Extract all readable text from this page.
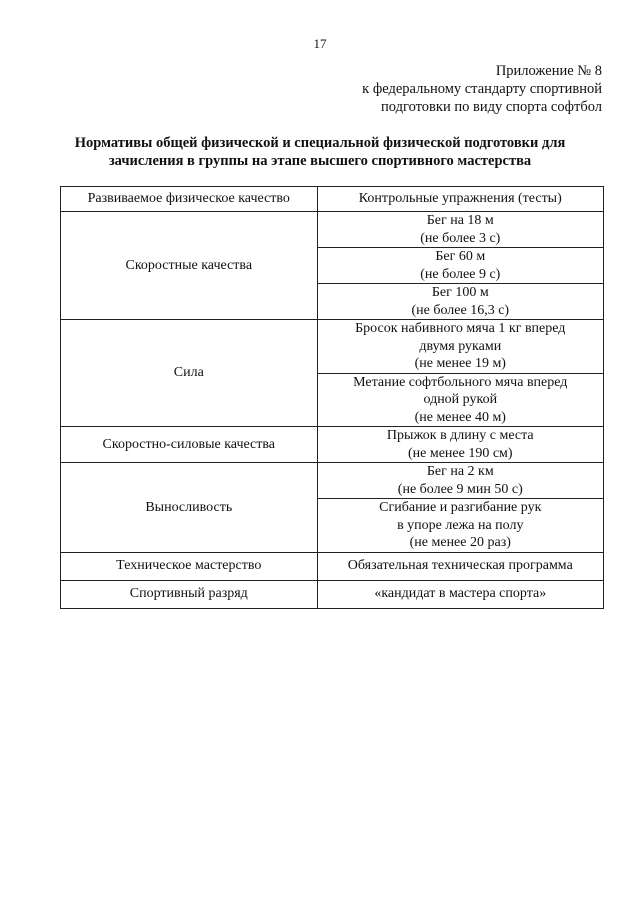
17
Приложение № 8
к федеральному стандарту спортивной
подготовки по виду спорта софтбол
Нормативы общей физической и специальной физической подготовки для
зачисления в группы на этапе высшего спортивного мастерства
Развиваемое физическое качество	Контрольные упражнения (тесты)
Скоростные качества	Бег на 18 м
(не более 3 с)

	Бег 60 м
(не более 9 с)

	Бег 100 м
(не более 16,3 с)

Сила	Бросок набивного мяча 1 кг вперед
двумя руками
(не менее 19 м)

	Метание софтбольного мяча вперед
одной рукой
(не менее 40 м)

Скоростно-силовые качества	Прыжок в длину с места
(не менее 190 см)

Выносливость	Бег на 2 км
(не более 9 мин 50 с)

	Сгибание и разгибание рук
в упоре лежа на полу
(не менее 20 раз)

Техническое мастерство	Обязательная техническая программа

Спортивный разряд	«кандидат в мастера спорта»
